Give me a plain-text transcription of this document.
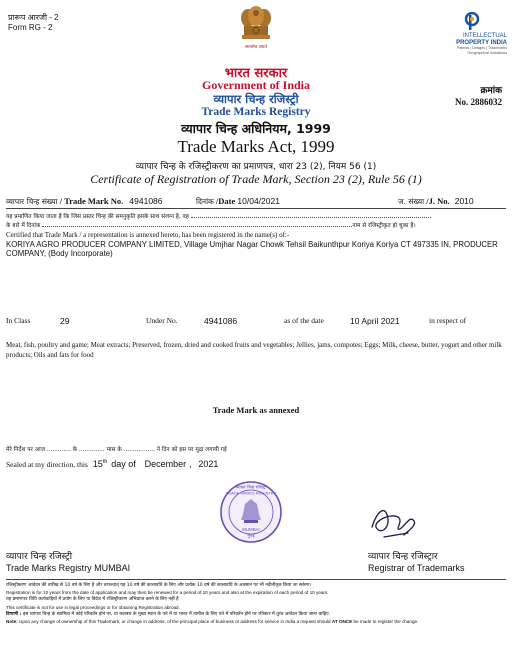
प्रारूप आरजी - 2
Form RG - 2
सत्यमेव जयते
भारत सरकार
Government of India
व्यापार चिन्ह रजिस्ट्री
Trade Marks Registry
व्यापार चिन्ह अधिनियम, 1999
Trade Marks Act, 1999
व्यापार चिन्ह के रजिस्ट्रीकरण का प्रमाणपत्र, धारा 23 (2), नियम 56 (1)
Certificate of Registration of Trade Mark, Section 23 (2), Rule 56 (1)
INTELLECTUAL
PROPERTY INDIA
Patents | Designs | Trademarks
Geographical Indications
क्रमांक
No. 2886032
व्यापार चिन्ह संख्या / Trade Mark No. 4941086	दिनांक /Date 10/04/2021	ज. संख्या /J. No. 2010
यह प्रमाणित किया जाता है कि जिस प्रस्तर चिन्ह की समनुकृति इसके साथ संलग्न है, वह
के बारे में दिनांक	नाम से रजिस्ट्रीकृत हो चुका है।
Certified that Trade Mark / a representation is annexed hereto, has been registered in the name(s) of:-
KORIYA AGRO PRODUCER COMPANY LIMITED, Village Umjhar Nagar Chowk Tehsil Baikunthpur Koriya Koriya CT 497335 IN, PRODUCER COMPANY, (Body Incorporate)
In Class	29	Under No.	4941086	as of the date	10 April 2021	in respect of
Meat, fish, poultry and game; Meat extracts; Preserved, frozen, dried and cooked fruits and vegetables; Jellies, jams, compotes; Eggs; Milk, cheese, butter, yogurt and other milk products; Oils and fats for food
Trade Mark as annexed
मेरे निर्देश पर आज ............. के .............. मास के ................. ने दिन को इस पर मुद्रा लगायी गई
Sealed at my direction, this 15th day of December , 2021
व्यापार चिन्ह रजिस्ट्री
TRADE MARKS REGISTRY
MUMBAI
मुंबई
व्यापार चिन्ह रजिस्ट्री
Trade Marks Registry MUMBAI
व्यापार चिन्ह रजिस्ट्रार
Registrar of Trademarks
रजिस्ट्रीकरण आवेदन की तारीख से 10 वर्ष के लिए है और तत्पश्चात् यह 10 वर्ष की कालावधि के लिए और प्रत्येक 10 वर्ष की कालावधि के अवसान पर भी नवीनीकृत किया जा सकेगा।
Registration is for 10 years from the date of application and may then be renewed for a period of 10 years and also at the expiration of each period of 10 years.
यह प्रमाणपत्र विधि कार्यवाहियों में प्रयोग के लिए या विदेश में रजिस्ट्रीकरण अभिप्राप्त करने के लिए नहीं है
This certificate is not for use in legal proceedings or for obtaining Registration abroad.
टिप्पणी : इस व्यापार चिन्ह के स्वामित्व में कोई परिवर्तन होने पर, या कारबार के मुख्य स्थान के पते में या भारत में तामील के लिए पते में परिवर्तन होने पर रजिस्टर में तुरंत आवेदन किया जाना चाहिए.
Note: Upon any change of ownership of this Trademark, or change in address, of the principal place of business or address for service in India a request should AT ONCE be made to register the change.
